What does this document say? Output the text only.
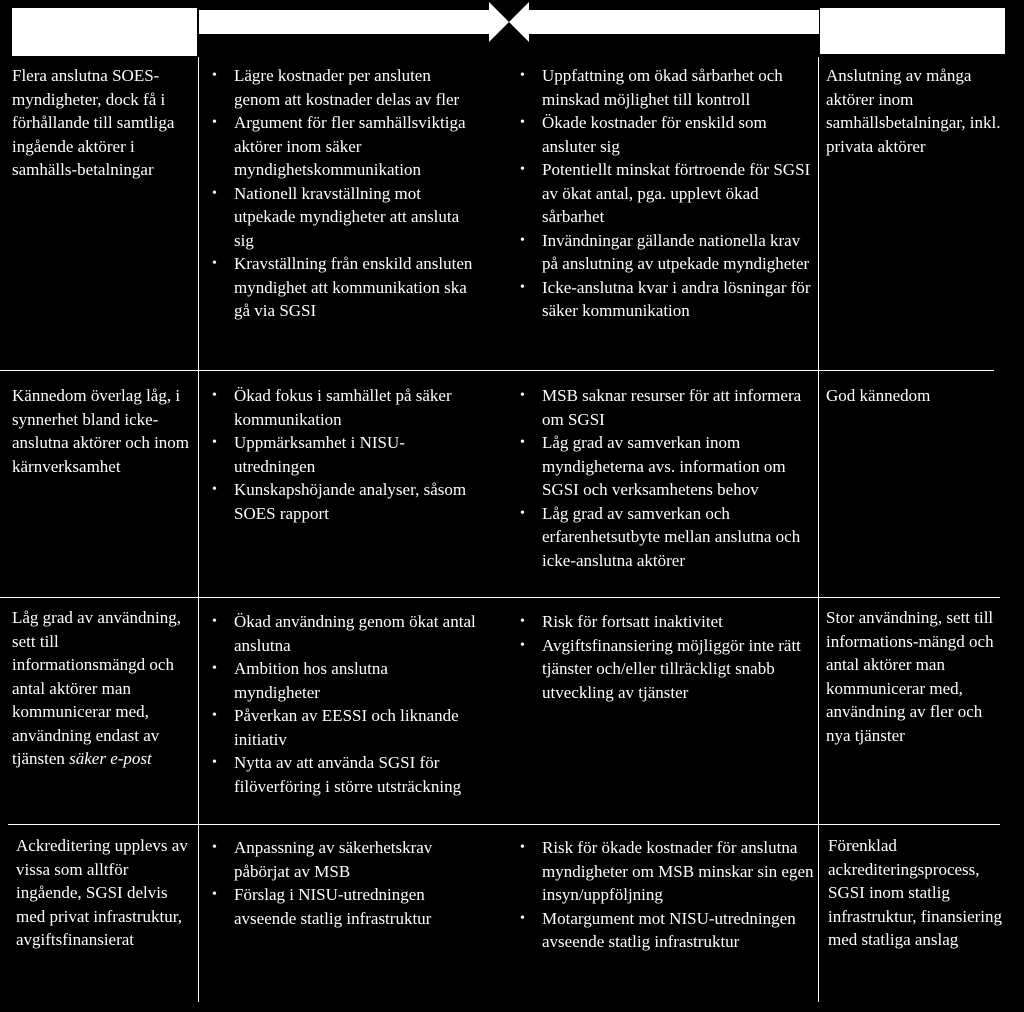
Flera anslutna SOES-myndigheter, dock få i förhållande till samtliga ingående aktörer i samhälls-betalningar
• Lägre kostnader per ansluten genom att kostnader delas av fler
• Argument för fler samhällsviktiga aktörer inom säker myndighetskommunikation
• Nationell kravställning mot utpekade myndigheter att ansluta sig
• Kravställning från enskild ansluten myndighet att kommunikation ska gå via SGSI
• Uppfattning om ökad sårbarhet och minskad möjlighet till kontroll
• Ökade kostnader för enskild som ansluter sig
• Potentiellt minskat förtroende för SGSI av ökat antal, pga. upplevt ökad sårbarhet
• Invändningar gällande nationella krav på anslutning av utpekade myndigheter
• Icke-anslutna kvar i andra lösningar för säker kommunikation
Anslutning av många aktörer inom samhällsbetalningar, inkl. privata aktörer
Kännedom överlag låg, i synnerhet bland icke-anslutna aktörer och inom kärnverksamhet
• Ökad fokus i samhället på säker kommunikation
• Uppmärksamhet i NISU-utredningen
• Kunskapshöjande analyser, såsom SOES rapport
• MSB saknar resurser för att informera om SGSI
• Låg grad av samverkan inom myndigheterna avs. information om SGSI och verksamhetens behov
• Låg grad av samverkan och erfarenhetsutbyte mellan anslutna och icke-anslutna aktörer
God kännedom
Låg grad av användning, sett till informationsmängd och antal aktörer man kommunicerar med, användning endast av tjänsten säker e-post
• Ökad användning genom ökat antal anslutna
• Ambition hos anslutna myndigheter
• Påverkan av EESSI och liknande initiativ
• Nytta av att använda SGSI för filöverföring i större utsträckning
• Risk för fortsatt inaktivitet
• Avgiftsfinansiering möjliggör inte rätt tjänster och/eller tillräckligt snabb utveckling av tjänster
Stor användning, sett till informations-mängd och antal aktörer man kommunicerar med, användning av fler och nya tjänster
Ackreditering upplevs av vissa som alltför ingående, SGSI delvis med privat infrastruktur, avgiftsfinansierat
• Anpassning av säkerhetskrav påbörjat av MSB
• Förslag i NISU-utredningen avseende statlig infrastruktur
• Risk för ökade kostnader för anslutna myndigheter om MSB minskar sin egen insyn/uppföljning
• Motargument mot NISU-utredningen avseende statlig infrastruktur
Förenklad ackrediteringsprocess, SGSI inom statlig infrastruktur, finansiering med statliga anslag
